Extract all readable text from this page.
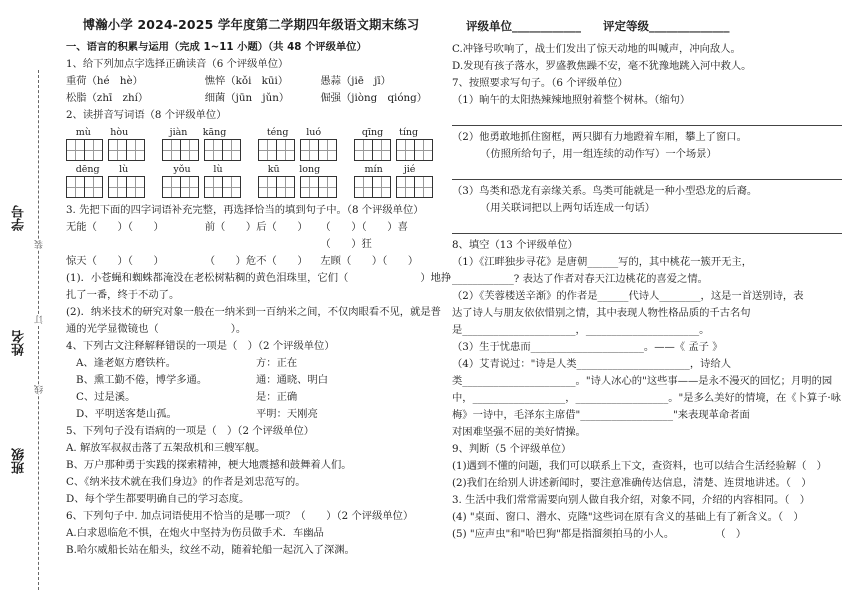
装
订
线
学号
姓名
班级
博瀚小学 2024-2025 学年度第二学期四年级语文期末练习
一、语言的积累与运用（完成 1~11 小题）（共 48 个评级单位）
1、给下列加点字选择正确读音（6 个评级单位）
重荷（hé　hè）	憔悴（kǒi　kūi）	愚蒜（jiē　jī）
松脂（zhī　zhí）	细菌（jūn　jǔn）	倔强（jiòng　qióng）
2、读拼音写词语（8 个评级单位）
mù hòu	jiàn kāng	téng luó	qīng tíng
dēng lù	yǒu lù	kū long	mín jié
3. 先把下面的四字词语补充完整，再选择恰当的填到句子中。（8 个评级单位）
无能（　　）（　　）	前（　　）后（　　）	（　　）（　　）喜（　　）狂
惊天（　　）（　　）	（　　）危不（　　）	左顾（　　）（　　）
(1)．小苍蝇和蜘蛛都淹没在老松树粘稠的黄色泪珠里，它们（　　　　　　　）地挣
扎了一番，终于不动了。
(2)．纳米技术的研究对象一般在一纳米到一百纳米之间，不仅肉眼看不见，就是普
通的光学显微镜也（　　　　　　　）。
4、下列古文注释解释错误的一项是（　）（2 个评级单位）
A、逢老妪方磨铁杵。	方：正在
B、熏工勤不倦，博学多通。	通：通晓、明白
C、过是溪。	是：正确
D、平明送客楚山孤。	平明：天刚亮
5、下列句子没有语病的一项是（　）（2 个评级单位）
A. 解放军叔叔击落了五架敌机和三艘军舰。
B、万户那种勇于实践的探索精神，梗大地震撼和鼓舞着人们。
C、《纳米技术就在我们身边》的作者是刘忠范写的。
D、每个学生都要明确自己的学习态度。
6、下列句子中. 加点词语使用不恰当的是哪一项？（　　）（2 个评级单位）
A.白求恩临危不惧，在炮火中坚持为伤员做手术．车幽品
B.哈尔威船长站在船头，纹丝不动，随着轮船一起沉入了深渊。
评级单位____________ 评定等级______________
C.冲锋号吹响了，战士们发出了惊天动地的叫喊声，冲向敌人。
D.发现有孩子落水，罗盛教焦躁不安，毫不犹豫地跳入河中救人。
7、按照要求写句子。（6 个评级单位）
（1）晌午的太阳热辣辣地照射着整个树林。（缩句）
（2）他勇敢地抓住窗框，两只脚有力地蹬着车厢，攀上了窗口。
（仿照所给句子，用一组连续的动作写）一个场景）
（3）鸟类和恐龙有亲缘关系。鸟类可能就是一种小型恐龙的后裔。
（用关联词把以上两句话连成一句话）
8、填空（13 个评级单位）
（1）《江畔独步寻花》是唐朝______写的，其中桃花一簇开无主，
____________? 表达了作者对春天江边桃花的喜爱之情。
（2）《芙蓉楼送辛渐》的作者是______代诗人________，这是一首送别诗，表
达了诗人与朋友依依惜别之情，其中表现人物性格品质的千古名句
是______________________，______________________。
（3）生于忧患而______________________。——《 孟子 》
（4）艾青说过："诗是人类______________________，诗给人
类______________________。"诗人冰心的"这些事——是永不漫灭的回忆；月明的园
中，__________________，__________________。"是多么美好的情境，在《卜算子·咏
梅》一诗中，毛泽东主席借"__________________"来表现革命者面
对困难坚强不屈的美好情操。
9、判断（5 个评级单位）
(1)遇到不懂的问题，我们可以联系上下文，查资料，也可以结合生活经验解（　）
(2)我们在给别人讲述新闻时，要注意准确传达信息，清楚、连贯地讲述。（　）
3. 生活中我们常常需要向别人做自我介绍，对象不同，介绍的内容相同。（　）
(4) "桌面、窗口、潜水、克隆"这些词在原有含义的基础上有了新含义。（　）
(5) "应声虫"和"哈巴狗"都是指溜须拍马的小人。　　　　　（　）
